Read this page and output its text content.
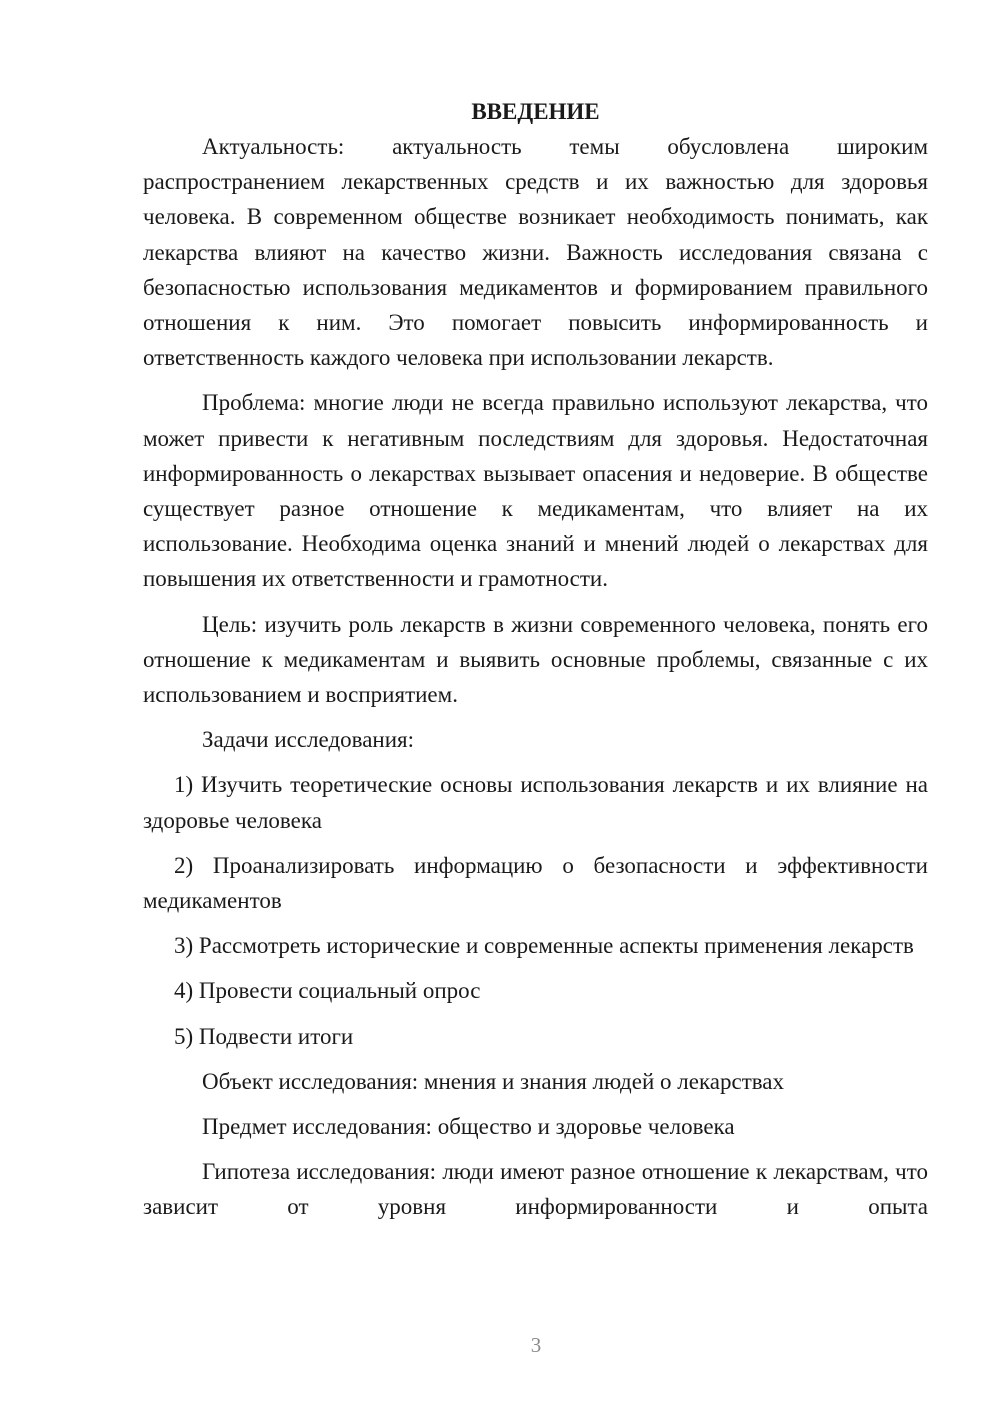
ВВЕДЕНИЕ

Актуальность: актуальность темы обусловлена широким распространением лекарственных средств и их важностью для здоровья человека. В современном обществе возникает необходимость понимать, как лекарства влияют на качество жизни. Важность исследования связана с безопасностью использования медикаментов и формированием правильного отношения к ним. Это помогает повысить информированность и ответственность каждого человека при использовании лекарств.

Проблема: многие люди не всегда правильно используют лекарства, что может привести к негативным последствиям для здоровья. Недостаточная информированность о лекарствах вызывает опасения и недоверие. В обществе существует разное отношение к медикаментам, что влияет на их использование. Необходима оценка знаний и мнений людей о лекарствах для повышения их ответственности и грамотности.

Цель: изучить роль лекарств в жизни современного человека, понять его отношение к медикаментам и выявить основные проблемы, связанные с их использованием и восприятием.

Задачи исследования:

1) Изучить теоретические основы использования лекарств и их влияние на здоровье человека

2) Проанализировать информацию о безопасности и эффективности медикаментов

3) Рассмотреть исторические и современные аспекты применения лекарств

4) Провести социальный опрос

5) Подвести итоги

Объект исследования: мнения и знания людей о лекарствах

Предмет исследования: общество и здоровье человека

Гипотеза исследования: люди имеют разное отношение к лекарствам, что зависит от уровня информированности и опыта

3
